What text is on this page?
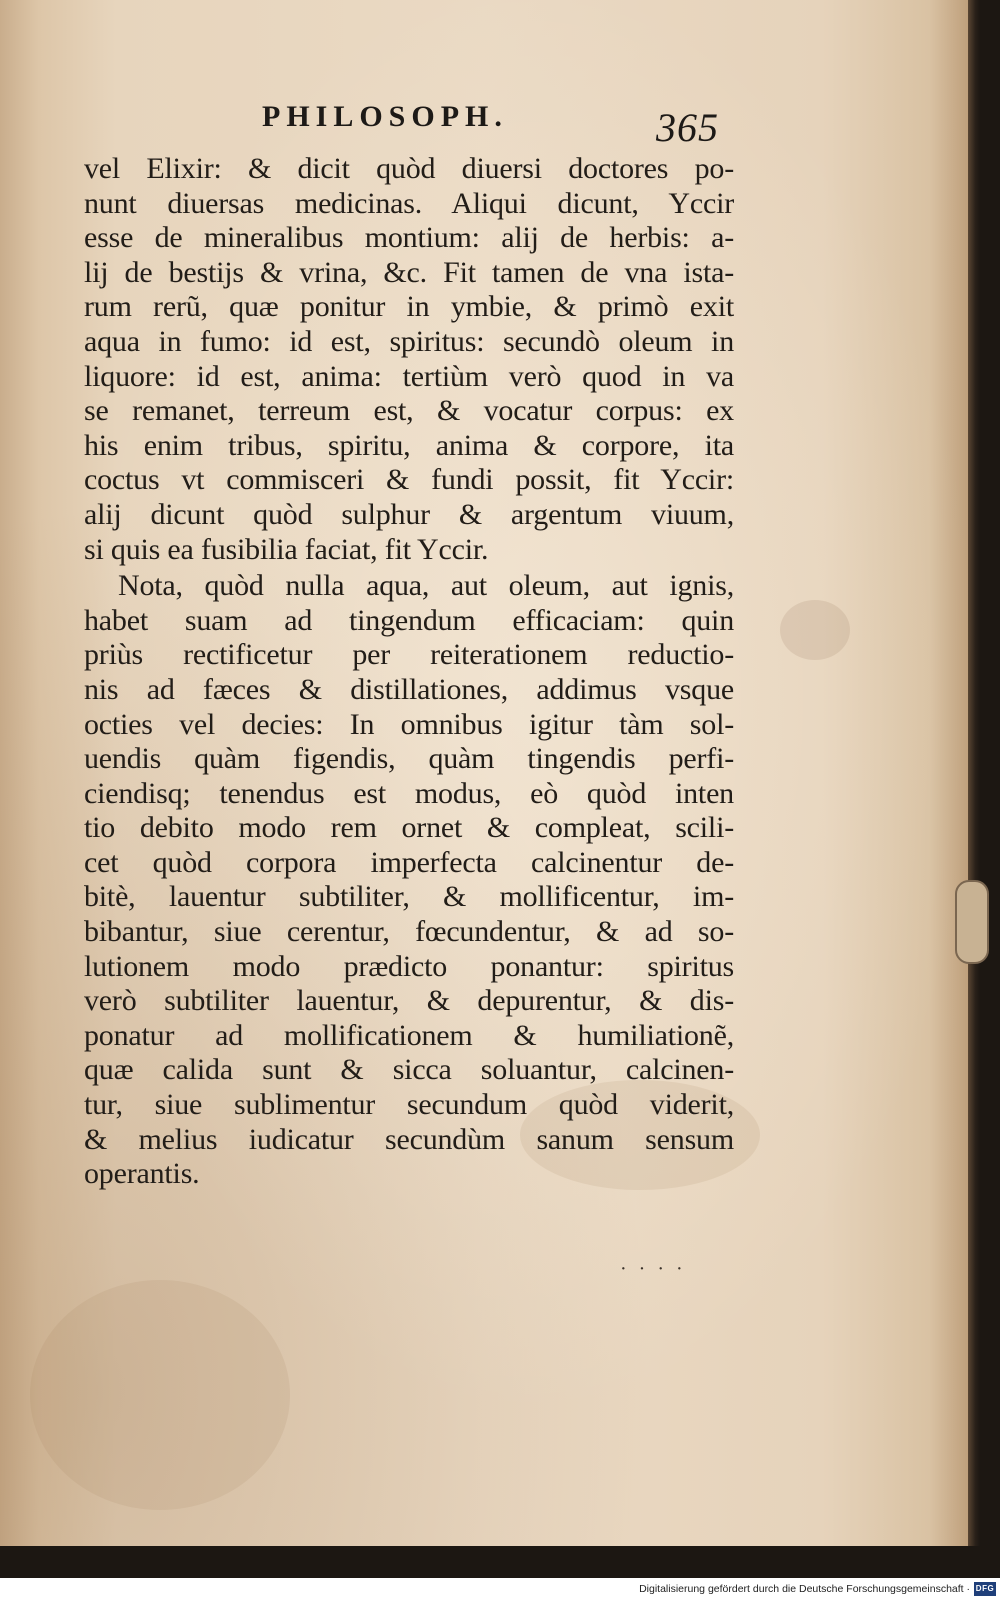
PHILOSOPH.	365
vel Elixir: & dicit quòd diuersi doctores po-
nunt diuersas medicinas. Aliqui dicunt, Yccir
esse de mineralibus montium: alij de herbis: a-
lij de bestijs & vrina, &c. Fit tamen de vna ista-
rum rerũ, quæ ponitur in ymbie, & primò exit
aqua in fumo: id est, spiritus: secundò oleum in
liquore: id est, anima: tertiùm verò quod in va
se remanet, terreum est, & vocatur corpus: ex
his enim tribus, spiritu, anima & corpore, ita
coctus vt commisceri & fundi possit, fit Yccir:
alij dicunt quòd sulphur & argentum viuum,
si quis ea fusibilia faciat, fit Yccir.
Nota, quòd nulla aqua, aut oleum, aut ignis,
habet suam ad tingendum efficaciam: quin
priùs rectificetur per reiterationem reductio-
nis ad fæces & distillationes, addimus vsque
octies vel decies: In omnibus igitur tàm sol-
uendis quàm figendis, quàm tingendis perfi-
ciendisq; tenendus est modus, eò quòd inten
tio debito modo rem ornet & compleat, scili-
cet quòd corpora imperfecta calcinentur de-
bitè, lauentur subtiliter, & mollificentur, im-
bibantur, siue cerentur, fœcundentur, & ad so-
lutionem modo prædicto ponantur: spiritus
verò subtiliter lauentur, & depurentur, & dis-
ponatur ad mollificationem & humiliationẽ,
quæ calida sunt & sicca soluantur, calcinen-
tur, siue sublimentur secundum quòd viderit,
& melius iudicatur secundùm sanum sensum
operantis.
····
Digitalisierung gefördert durch die Deutsche Forschungsgemeinschaft · DFG
